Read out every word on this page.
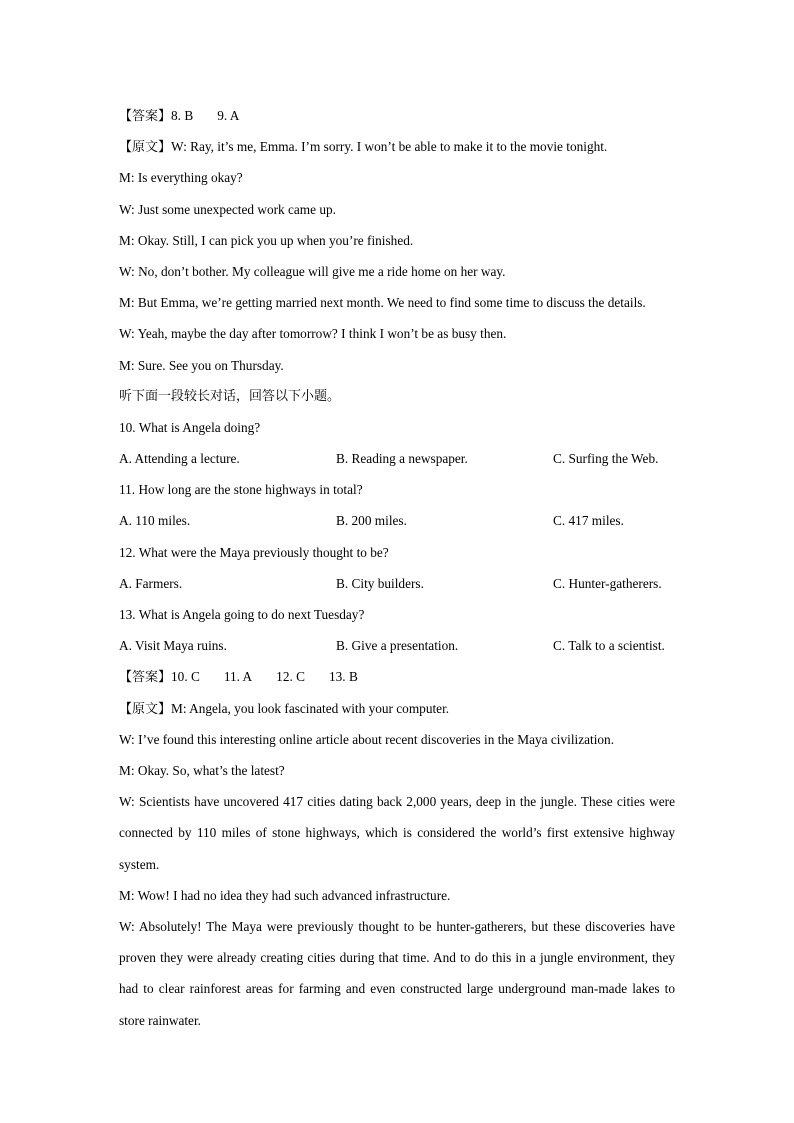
【答案】8. B 9. A
【原文】W: Ray, it’s me, Emma. I’m sorry. I won’t be able to make it to the movie tonight.
M: Is everything okay?
W: Just some unexpected work came up.
M: Okay. Still, I can pick you up when you’re finished.
W: No, don’t bother. My colleague will give me a ride home on her way.
M: But Emma, we’re getting married next month. We need to find some time to discuss the details.
W: Yeah, maybe the day after tomorrow? I think I won’t be as busy then.
M: Sure. See you on Thursday.
听下面一段较长对话，回答以下小题。
10. What is Angela doing?
A. Attending a lecture.	B. Reading a newspaper.	C. Surfing the Web.
11. How long are the stone highways in total?
A. 110 miles.	B. 200 miles.	C. 417 miles.
12. What were the Maya previously thought to be?
A. Farmers.	B. City builders.	C. Hunter-gatherers.
13. What is Angela going to do next Tuesday?
A. Visit Maya ruins.	B. Give a presentation.	C. Talk to a scientist.
【答案】10. C 11. A 12. C 13. B
【原文】M: Angela, you look fascinated with your computer.
W: I’ve found this interesting online article about recent discoveries in the Maya civilization.
M: Okay. So, what’s the latest?
W: Scientists have uncovered 417 cities dating back 2,000 years, deep in the jungle. These cities were connected by 110 miles of stone highways, which is considered the world’s first extensive highway system.
M: Wow! I had no idea they had such advanced infrastructure.
W: Absolutely! The Maya were previously thought to be hunter-gatherers, but these discoveries have proven they were already creating cities during that time. And to do this in a jungle environment, they had to clear rainforest areas for farming and even constructed large underground man-made lakes to store rainwater.
